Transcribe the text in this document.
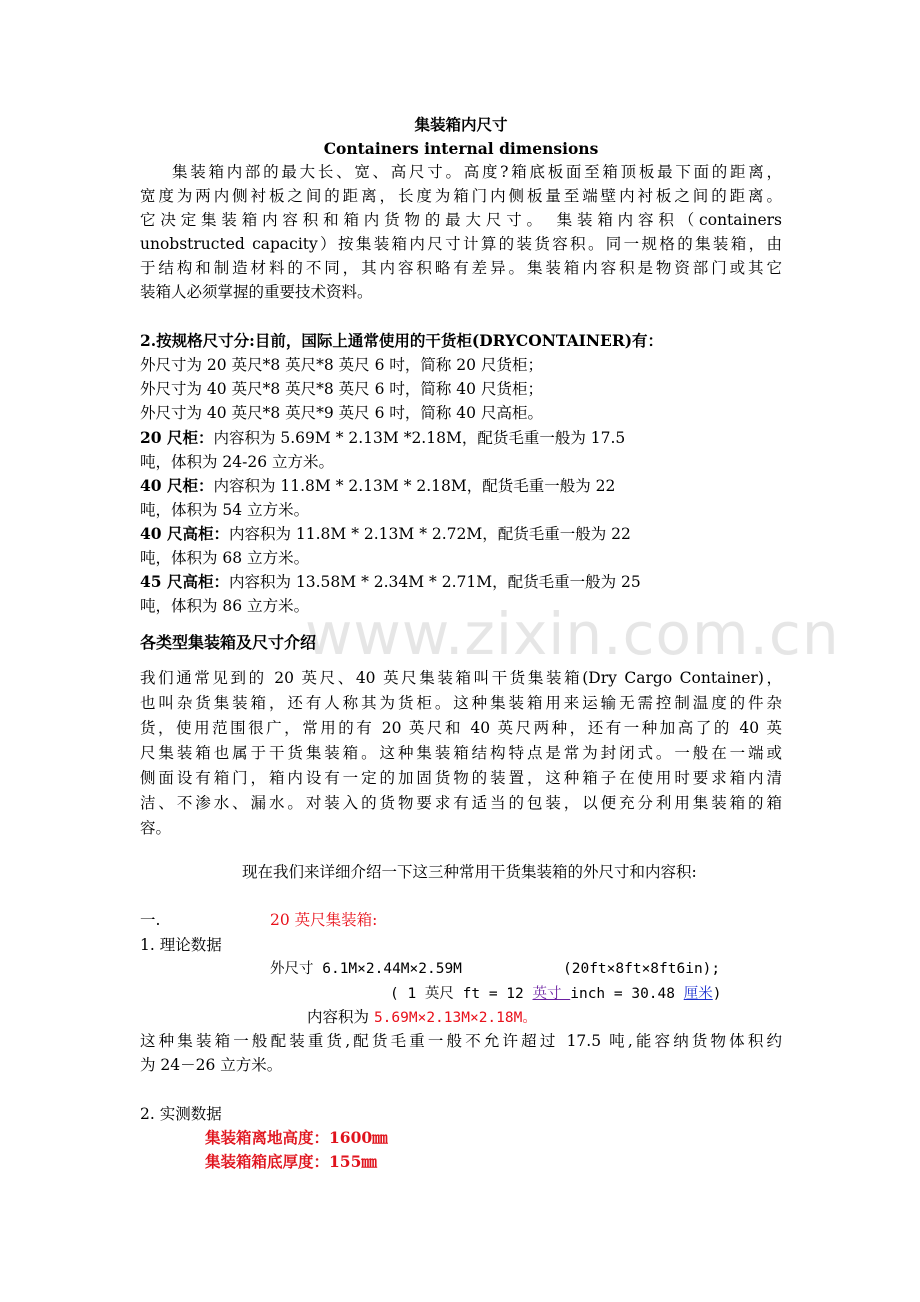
www.zixin.com.cn
集装箱内尺寸
Containers internal dimensions
集装箱内部的最大长、宽、高尺寸。高度?箱底板面至箱顶板最下面的距离，
宽度为两内侧衬板之间的距离，长度为箱门内侧板量至端壁内衬板之间的距离。
它决定集装箱内容积和箱内货物的最大尺寸。 集装箱内容积（containers
unobstructed capacity）按集装箱内尺寸计算的装货容积。同一规格的集装箱，由
于结构和制造材料的不同，其内容积略有差异。集装箱内容积是物资部门或其它
装箱人必须掌握的重要技术资料。
2.按规格尺寸分:目前，国际上通常使用的干货柜(DRYCONTAINER)有：
外尺寸为 20 英尺*8 英尺*8 英尺 6 吋，简称 20 尺货柜；
外尺寸为 40 英尺*8 英尺*8 英尺 6 吋，简称 40 尺货柜；
外尺寸为 40 英尺*8 英尺*9 英尺 6 吋，简称 40 尺高柜。
20 尺柜：内容积为 5.69M * 2.13M *2.18M，配货毛重一般为 17.5
吨，体积为 24-26 立方米。
40 尺柜：内容积为 11.8M * 2.13M * 2.18M，配货毛重一般为 22
吨，体积为 54 立方米。
40 尺高柜：内容积为 11.8M * 2.13M * 2.72M，配货毛重一般为 22
吨，体积为 68 立方米。
45 尺高柜：内容积为 13.58M * 2.34M * 2.71M，配货毛重一般为 25
吨，体积为 86 立方米。
各类型集装箱及尺寸介绍
我们通常见到的 20 英尺、40 英尺集装箱叫干货集装箱(Dry Cargo Container)，
也叫杂货集装箱，还有人称其为货柜。这种集装箱用来运输无需控制温度的件杂
货，使用范围很广，常用的有 20 英尺和 40 英尺两种，还有一种加高了的 40 英
尺集装箱也属于干货集装箱。这种集装箱结构特点是常为封闭式。一般在一端或
侧面设有箱门，箱内设有一定的加固货物的装置，这种箱子在使用时要求箱内清
洁、不渗水、漏水。对装入的货物要求有适当的包装，以便充分利用集装箱的箱
容。
现在我们来详细介绍一下这三种常用干货集装箱的外尺寸和内容积:
一.	20 英尺集装箱:
1. 理论数据
外尺寸 6.1M×2.44M×2.59M	(20ft×8ft×8ft6in);
( 1 英尺 ft = 12 英寸 inch = 30.48 厘米)
内容积为 5.69M×2.13M×2.18M。
这种集装箱一般配装重货,配货毛重一般不允许超过 17.5 吨,能容纳货物体积约
为 24－26 立方米。
2. 实测数据
集装箱离地高度：1600㎜
集装箱箱底厚度：155㎜
